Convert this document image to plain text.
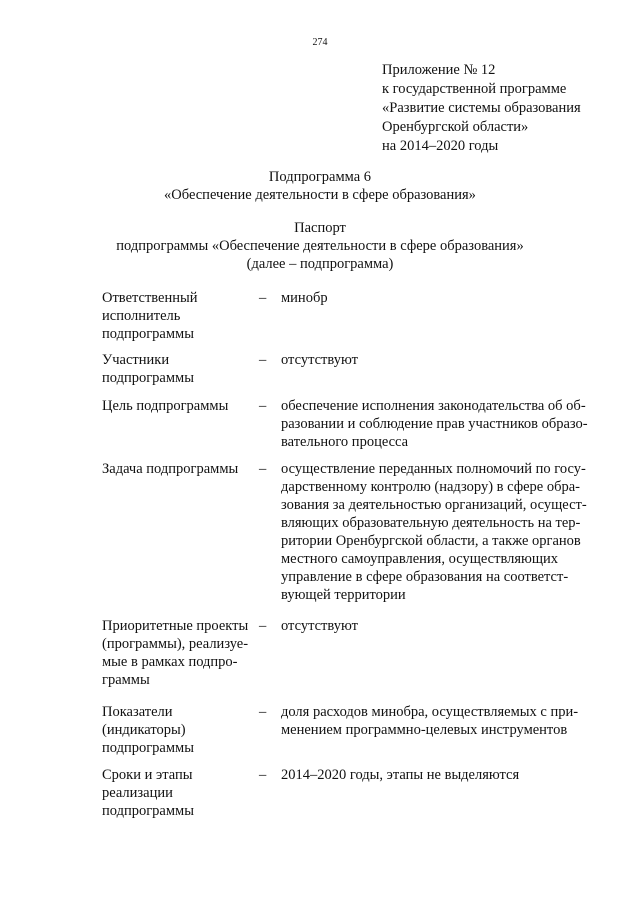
274
Приложение № 12
к государственной программе
«Развитие системы образования
Оренбургской области»
на 2014–2020 годы
Подпрограмма 6
«Обеспечение деятельности в сфере образования»
Паспорт
подпрограммы «Обеспечение деятельности в сфере образования»
(далее – подпрограмма)
Ответственный
исполнитель
подпрограммы
–	минобр
Участники
подпрограммы
–	отсутствуют
Цель подпрограммы	–	обеспечение исполнения законодательства об об-
разовании и соблюдение прав участников образо-
вательного процесса
Задача подпрограммы	–	осуществление переданных полномочий по госу-
дарственному контролю (надзору) в сфере обра-
зования за деятельностью организаций, осущест-
вляющих образовательную деятельность на тер-
ритории Оренбургской области, а также органов
местного самоуправления, осуществляющих
управление в сфере образования на соответст-
вующей территории
Приоритетные проекты
(программы), реализуе-
мые в рамках подпро-
граммы
–	отсутствуют
Показатели
(индикаторы)
подпрограммы
–	доля расходов минобра, осуществляемых с при-
менением программно-целевых инструментов
Сроки и этапы
реализации
подпрограммы
–	2014–2020 годы, этапы не выделяются
